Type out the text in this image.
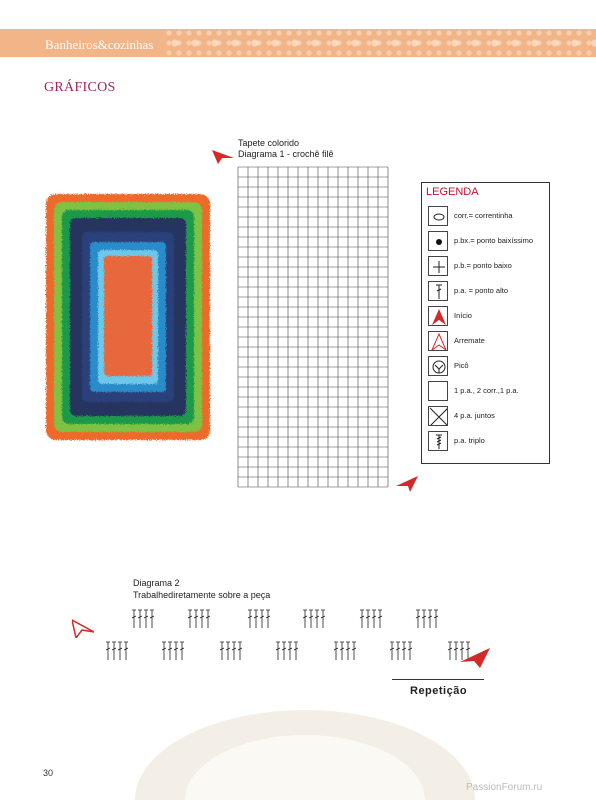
Banheiros&cozinhas
GRÁFICOS
Tapete colorido
Diagrama 1 - crochê filê
LEGENDA
corr.= correntinha
p.bx.= ponto baixíssimo
p.b.= ponto baixo
p.a. = ponto alto
Início
Arremate
Picô
1 p.a., 2 corr.,1 p.a.
4 p.a. juntos
p.a. triplo
Diagrama 2
Trabalhediretamente sobre a peça
Repetição
30
PassionForum.ru
